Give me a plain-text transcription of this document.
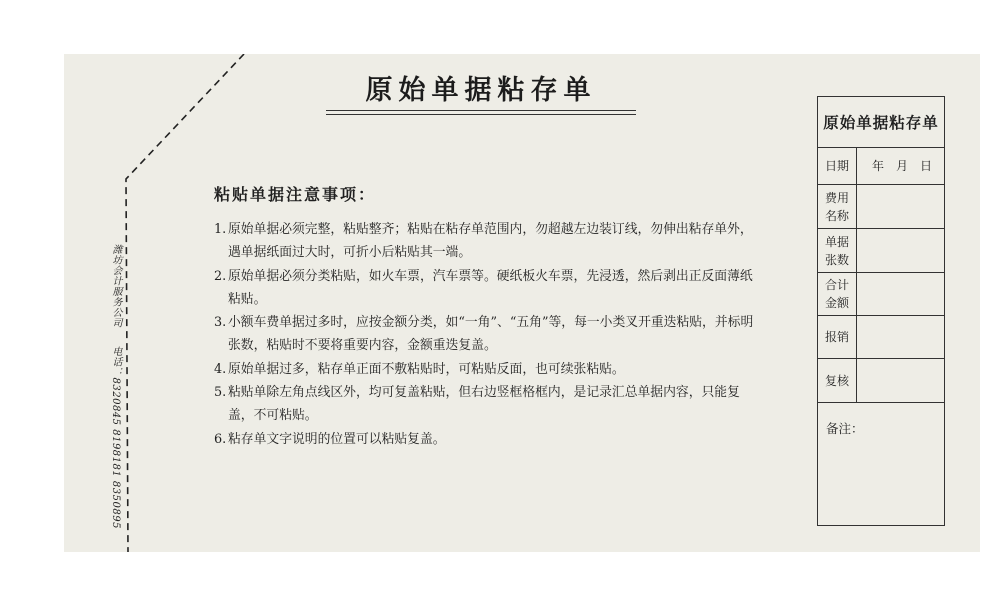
原始单据粘存单
潍坊会计服务公司 电话：8320845 8198181 8350895
粘贴单据注意事项：
1. 原始单据必须完整，粘贴整齐；粘贴在粘存单范围内，勿超越左边装订线，勿伸出粘存单外，遇单据纸面过大时，可折小后粘贴其一端。
2. 原始单据必须分类粘贴，如火车票，汽车票等。硬纸板火车票，先浸透，然后剥出正反面薄纸粘贴。
3. 小额车费单据过多时，应按金额分类，如“一角”、“五角”等，每一小类叉开重迭粘贴，并标明张数，粘贴时不要将重要内容，金额重迭复盖。
4. 原始单据过多，粘存单正面不敷粘贴时，可粘贴反面，也可续张粘贴。
5. 粘贴单除左角点线区外，均可复盖粘贴，但右边竖框格框内，是记录汇总单据内容，只能复盖，不可粘贴。
6. 粘存单文字说明的位置可以粘贴复盖。
原始单据粘存单
日期	年 月 日
费用
名称
单据
张数
合计
金额
报销
复核
备注：
